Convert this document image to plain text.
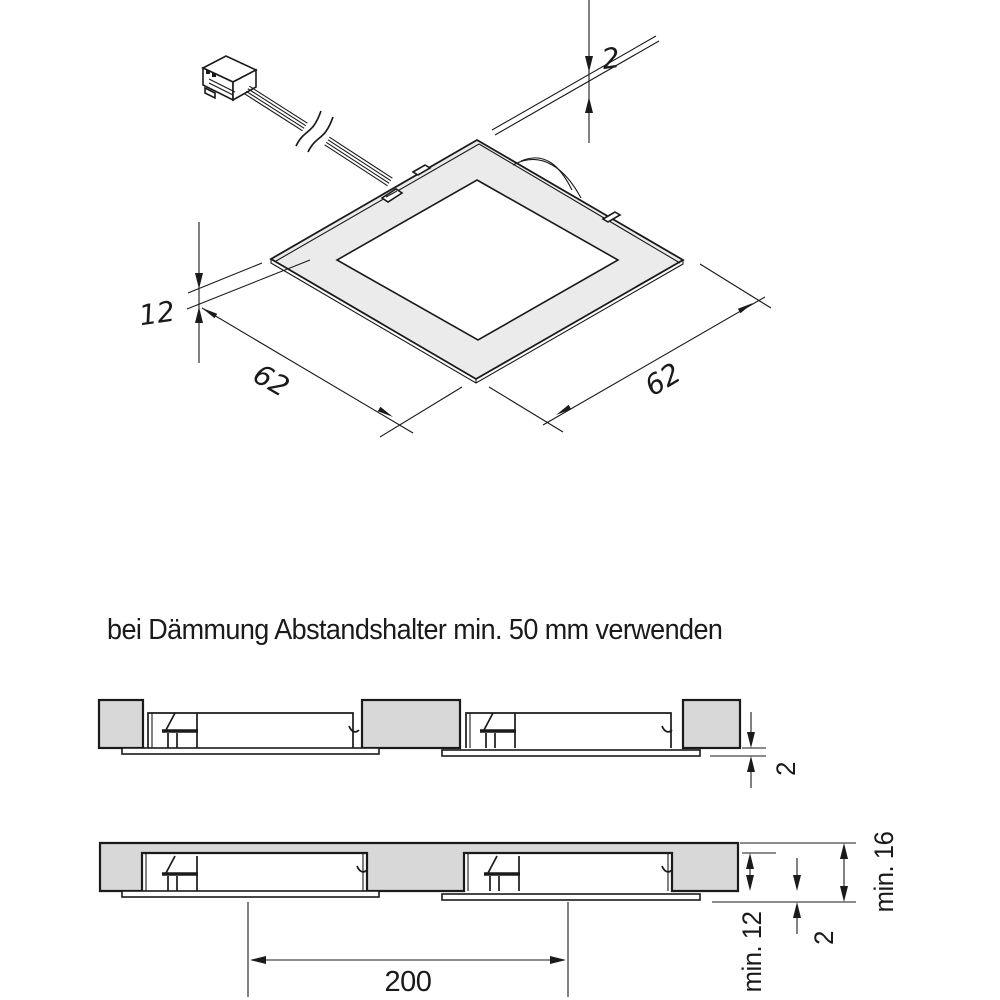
2
12
62	62
bei Dämmung Abstandshalter min. 50 mm verwenden
2
min. 12 2
min. 16
200
